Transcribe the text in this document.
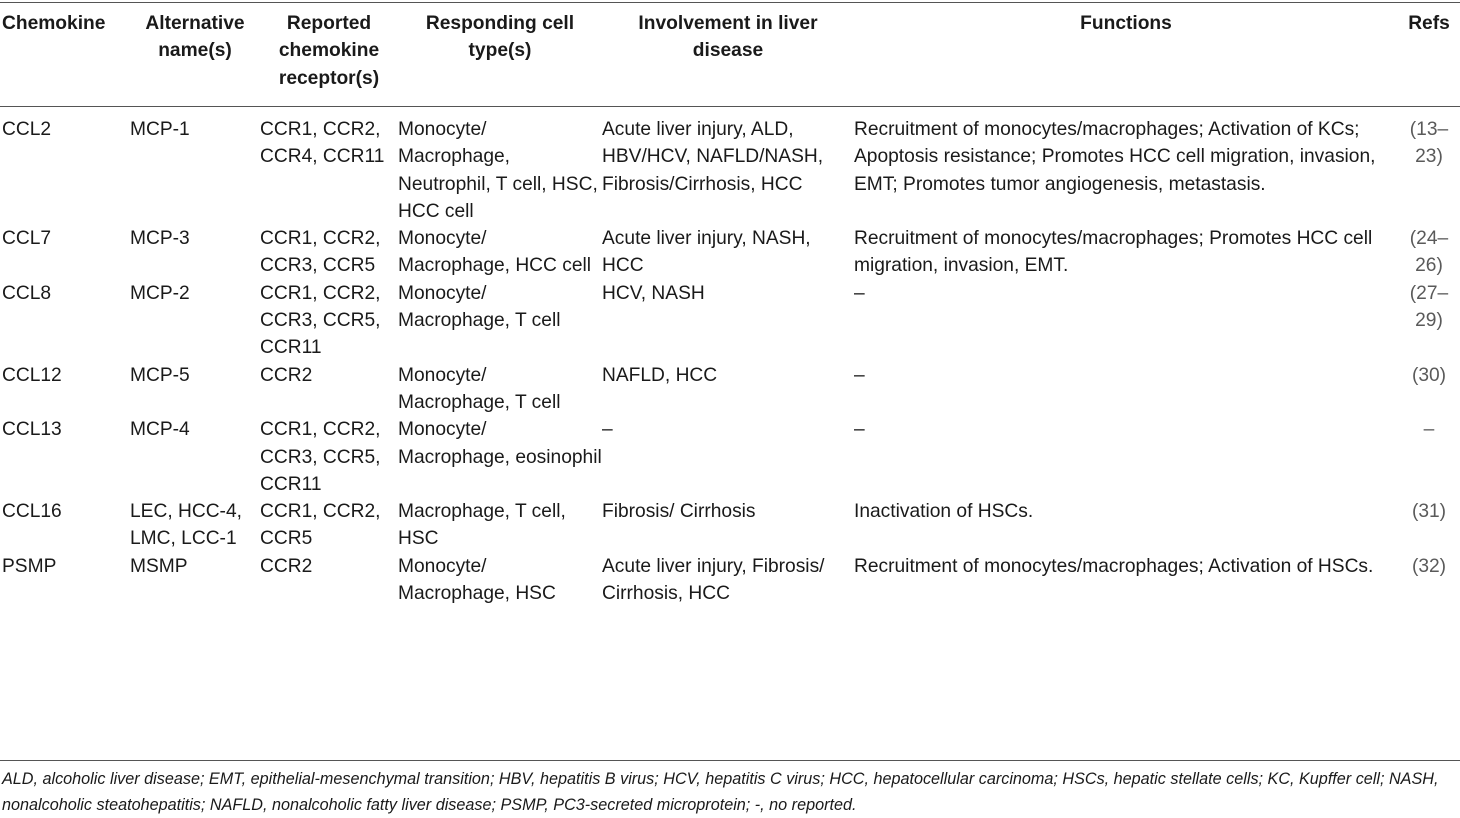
Chemokine	Alternative name(s)	Reported chemokine receptor(s)	Responding cell type(s)	Involvement in liver disease	Functions	Refs
CCL2	MCP-1	CCR1, CCR2, CCR4, CCR11	Monocyte/ Macrophage, Neutrophil, T cell, HSC, HCC cell	Acute liver injury, ALD, HBV/HCV, NAFLD/NASH, Fibrosis/Cirrhosis, HCC	Recruitment of monocytes/macrophages; Activation of KCs; Apoptosis resistance; Promotes HCC cell migration, invasion, EMT; Promotes tumor angiogenesis, metastasis.	(13–23)
CCL7	MCP-3	CCR1, CCR2, CCR3, CCR5	Monocyte/ Macrophage, HCC cell	Acute liver injury, NASH, HCC	Recruitment of monocytes/macrophages; Promotes HCC cell migration, invasion, EMT.	(24–26)
CCL8	MCP-2	CCR1, CCR2, CCR3, CCR5, CCR11	Monocyte/ Macrophage, T cell	HCV, NASH	–	(27–29)
CCL12	MCP-5	CCR2	Monocyte/ Macrophage, T cell	NAFLD, HCC	–	(30)
CCL13	MCP-4	CCR1, CCR2, CCR3, CCR5, CCR11	Monocyte/ Macrophage, eosinophil	–	–	–
CCL16	LEC, HCC-4, LMC, LCC-1	CCR1, CCR2, CCR5	Macrophage, T cell, HSC	Fibrosis/ Cirrhosis	Inactivation of HSCs.	(31)
PSMP	MSMP	CCR2	Monocyte/ Macrophage, HSC	Acute liver injury, Fibrosis/ Cirrhosis, HCC	Recruitment of monocytes/macrophages; Activation of HSCs.	(32)
ALD, alcoholic liver disease; EMT, epithelial-mesenchymal transition; HBV, hepatitis B virus; HCV, hepatitis C virus; HCC, hepatocellular carcinoma; HSCs, hepatic stellate cells; KC, Kupffer cell; NASH, nonalcoholic steatohepatitis; NAFLD, nonalcoholic fatty liver disease; PSMP, PC3-secreted microprotein; -, no reported.
